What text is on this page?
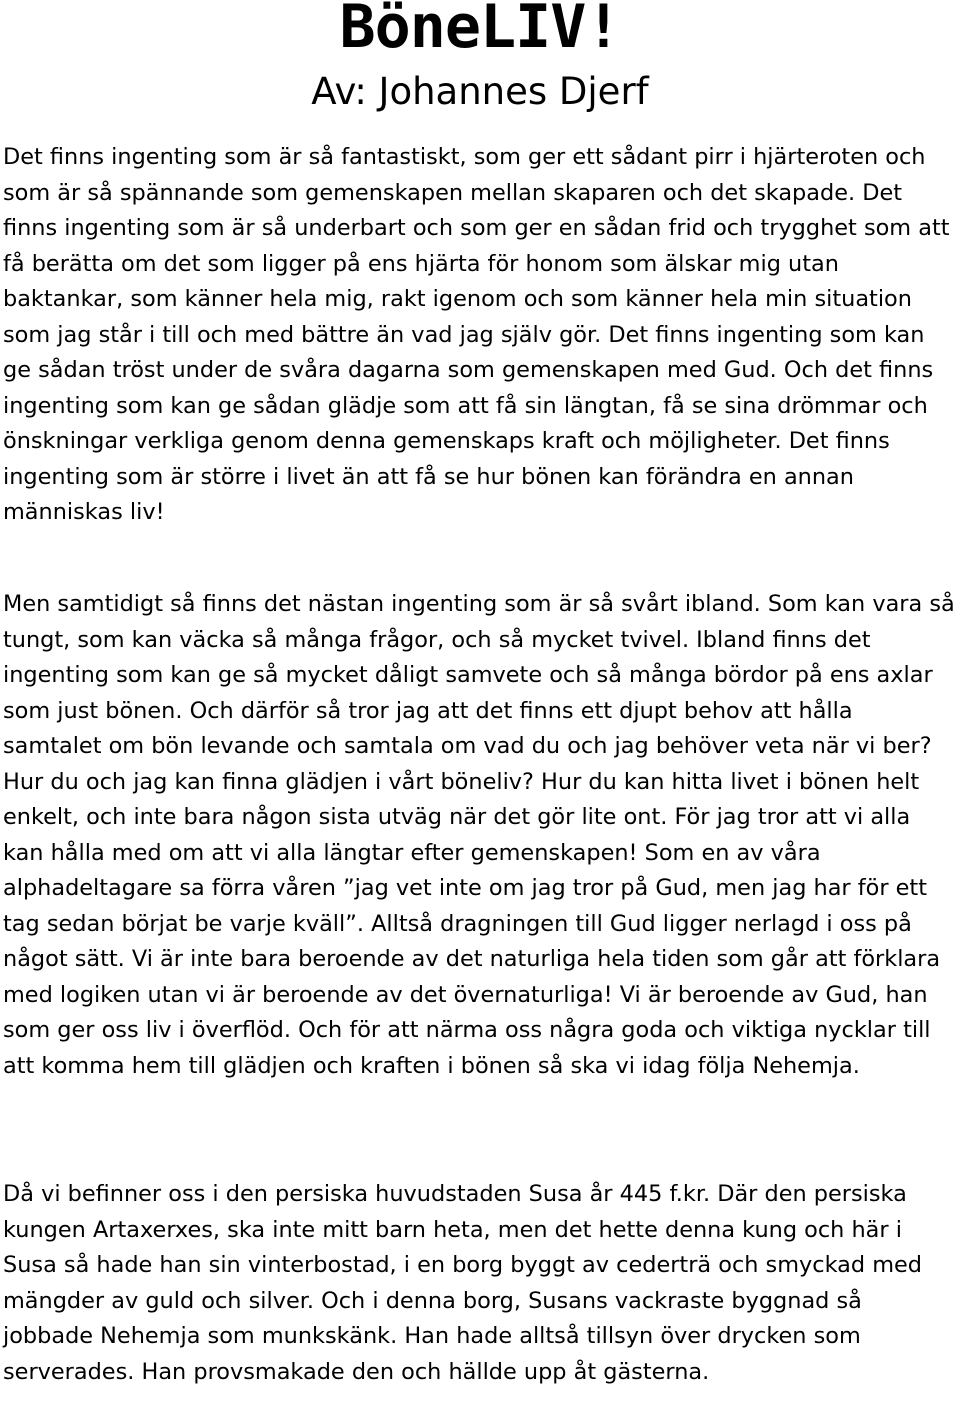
BöneLIV!
Av: Johannes Djerf

Det finns ingenting som är så fantastiskt, som ger ett sådant pirr i hjärteroten och som är så spännande som gemenskapen mellan skaparen och det skapade. Det finns ingenting som är så underbart och som ger en sådan frid och trygghet som att få berätta om det som ligger på ens hjärta för honom som älskar mig utan baktankar, som känner hela mig, rakt igenom och som känner hela min situation som jag står i till och med bättre än vad jag själv gör. Det finns ingenting som kan ge sådan tröst under de svåra dagarna som gemenskapen med Gud. Och det finns ingenting som kan ge sådan glädje som att få sin längtan, få se sina drömmar och önskningar verkliga genom denna gemenskaps kraft och möjligheter. Det finns ingenting som är större i livet än att få se hur bönen kan förändra en annan människas liv!

Men samtidigt så finns det nästan ingenting som är så svårt ibland. Som kan vara så tungt, som kan väcka så många frågor, och så mycket tvivel. Ibland finns det ingenting som kan ge så mycket dåligt samvete och så många bördor på ens axlar som just bönen. Och därför så tror jag att det finns ett djupt behov att hålla samtalet om bön levande och samtala om vad du och jag behöver veta när vi ber? Hur du och jag kan finna glädjen i vårt böneliv? Hur du kan hitta livet i bönen helt enkelt, och inte bara någon sista utväg när det gör lite ont. För jag tror att vi alla kan hålla med om att vi alla längtar efter gemenskapen! Som en av våra alphadeltagare sa förra våren ”jag vet inte om jag tror på Gud, men jag har för ett tag sedan börjat be varje kväll”. Alltså dragningen till Gud ligger nerlagd i oss på något sätt. Vi är inte bara beroende av det naturliga hela tiden som går att förklara med logiken utan vi är beroende av det övernaturliga! Vi är beroende av Gud, han som ger oss liv i överflöd. Och för att närma oss några goda och viktiga nycklar till att komma hem till glädjen och kraften i bönen så ska vi idag följa Nehemja.

Då vi befinner oss i den persiska huvudstaden Susa år 445 f.kr. Där den persiska kungen Artaxerxes, ska inte mitt barn heta, men det hette denna kung och här i Susa så hade han sin vinterbostad, i en borg byggt av cederträ och smyckad med mängder av guld och silver. Och i denna borg, Susans vackraste byggnad så jobbade Nehemja som munkskänk. Han hade alltså tillsyn över drycken som serverades. Han provsmakade den och hällde upp åt gästerna.
